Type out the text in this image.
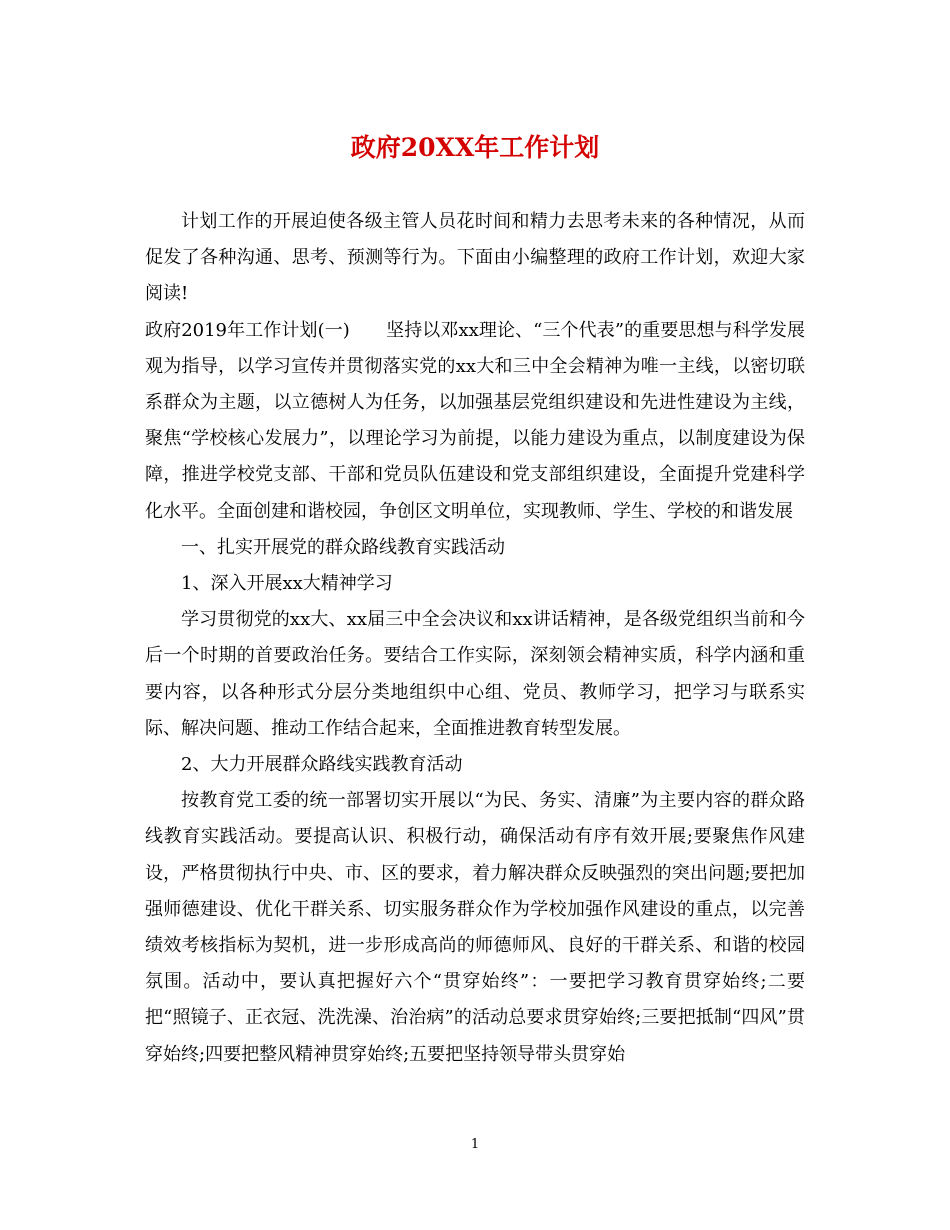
政府20XX年工作计划

计划工作的开展迫使各级主管人员花时间和精力去思考未来的各种情况，从而促发了各种沟通、思考、预测等行为。下面由小编整理的政府工作计划，欢迎大家阅读!

政府2019年工作计划(一)　　坚持以邓xx理论、“三个代表”的重要思想与科学发展观为指导，以学习宣传并贯彻落实党的xx大和三中全会精神为唯一主线，以密切联系群众为主题，以立德树人为任务，以加强基层党组织建设和先进性建设为主线，聚焦“学校核心发展力”，以理论学习为前提，以能力建设为重点，以制度建设为保障，推进学校党支部、干部和党员队伍建设和党支部组织建设，全面提升党建科学化水平。全面创建和谐校园，争创区文明单位，实现教师、学生、学校的和谐发展

一、扎实开展党的群众路线教育实践活动

1、深入开展xx大精神学习

学习贯彻党的xx大、xx届三中全会决议和xx讲话精神，是各级党组织当前和今后一个时期的首要政治任务。要结合工作实际，深刻领会精神实质，科学内涵和重要内容，以各种形式分层分类地组织中心组、党员、教师学习，把学习与联系实际、解决问题、推动工作结合起来，全面推进教育转型发展。

2、大力开展群众路线实践教育活动

按教育党工委的统一部署切实开展以“为民、务实、清廉”为主要内容的群众路线教育实践活动。要提高认识、积极行动，确保活动有序有效开展;要聚焦作风建设，严格贯彻执行中央、市、区的要求，着力解决群众反映强烈的突出问题;要把加强师德建设、优化干群关系、切实服务群众作为学校加强作风建设的重点，以完善绩效考核指标为契机，进一步形成高尚的师德师风、良好的干群关系、和谐的校园氛围。活动中，要认真把握好六个“贯穿始终”：一要把学习教育贯穿始终;二要把“照镜子、正衣冠、洗洗澡、治治病”的活动总要求贯穿始终;三要把抵制“四风”贯穿始终;四要把整风精神贯穿始终;五要把坚持领导带头贯穿始

1
